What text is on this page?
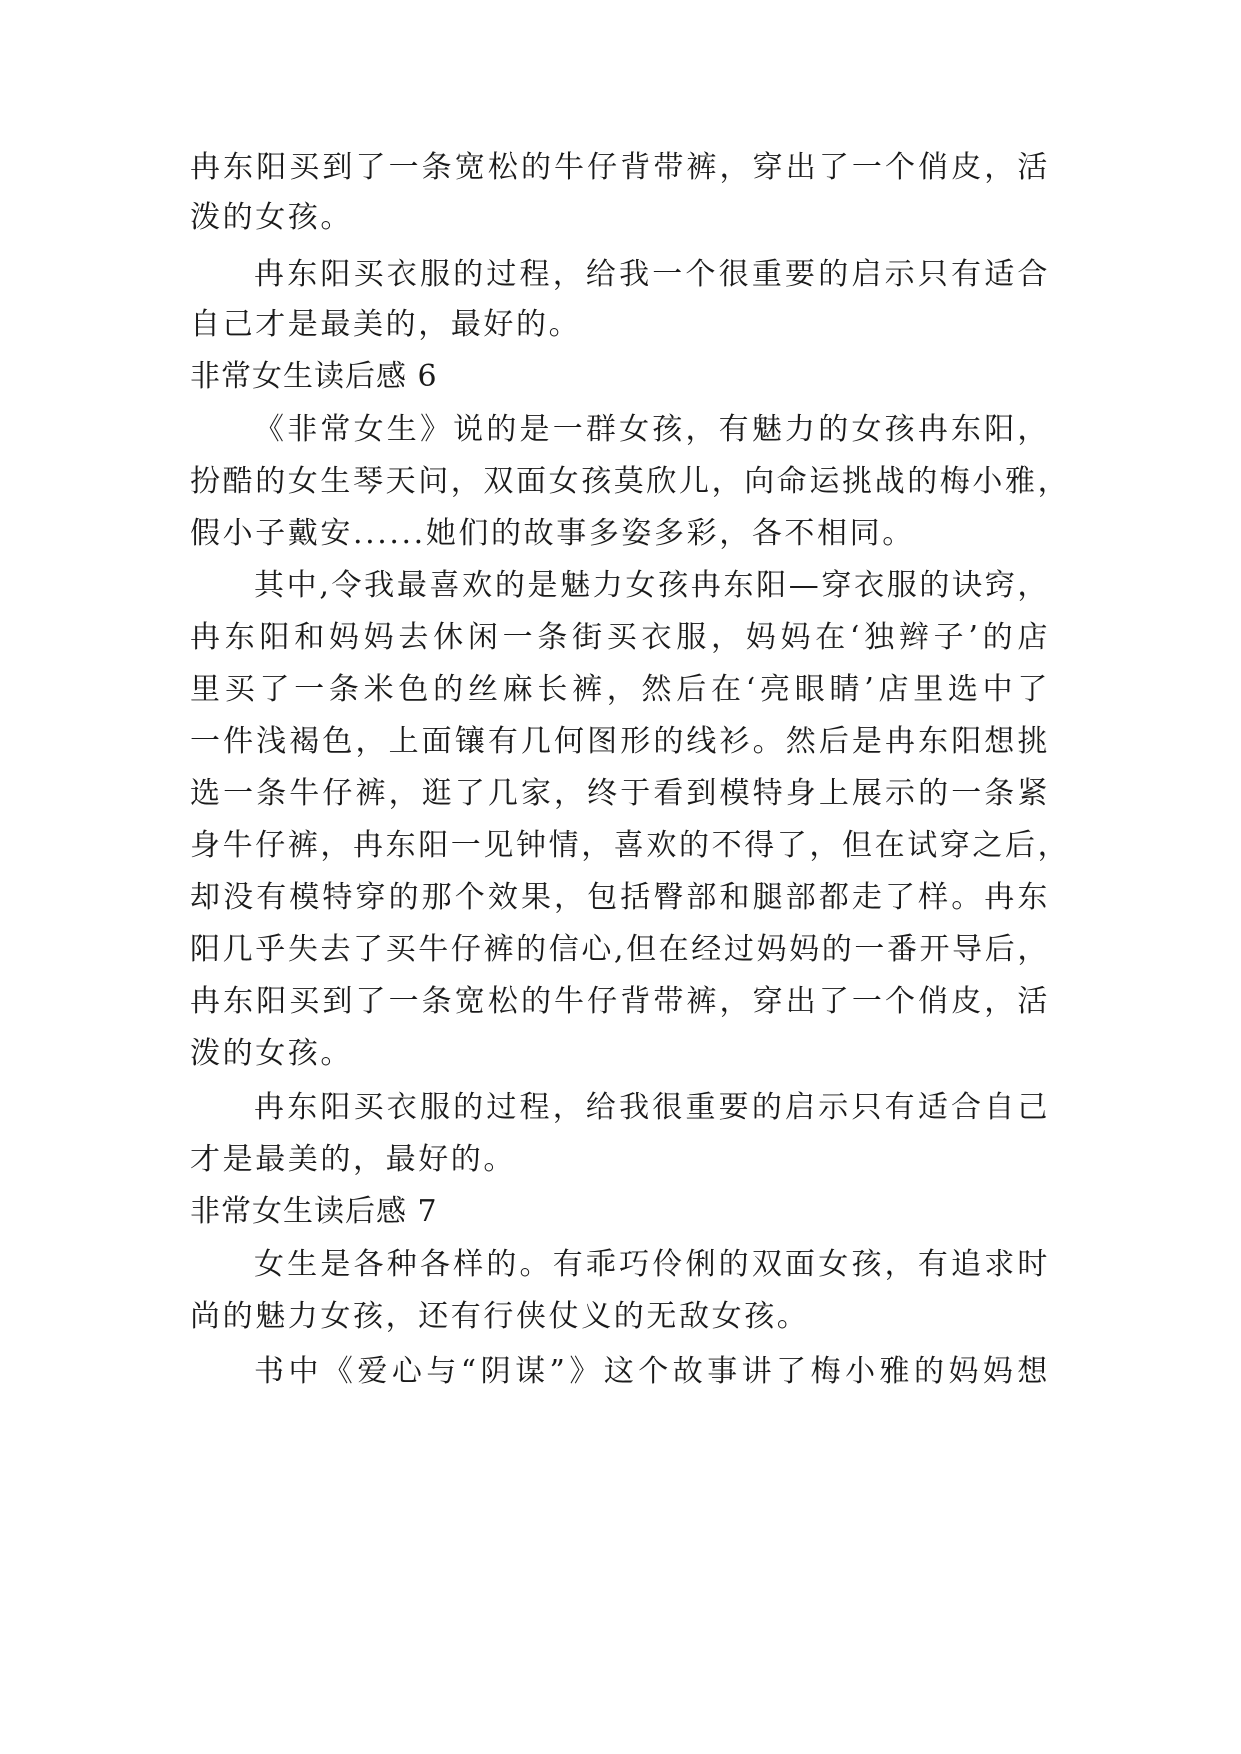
冉东阳买到了一条宽松的牛仔背带裤，穿出了一个俏皮，活
泼的女孩。
冉东阳买衣服的过程，给我一个很重要的启示只有适合
自己才是最美的，最好的。
非常女生读后感 6
《非常女生》说的是一群女孩，有魅力的女孩冉东阳，
扮酷的女生琴天问，双面女孩莫欣儿，向命运挑战的梅小雅，
假小子戴安......她们的故事多姿多彩，各不相同。
其中,令我最喜欢的是魅力女孩冉东阳—穿衣服的诀窍，
冉东阳和妈妈去休闲一条街买衣服，妈妈在‘独辫子’的店
里买了一条米色的丝麻长裤，然后在‘亮眼睛’店里选中了
一件浅褐色，上面镶有几何图形的线衫。然后是冉东阳想挑
选一条牛仔裤，逛了几家，终于看到模特身上展示的一条紧
身牛仔裤，冉东阳一见钟情，喜欢的不得了，但在试穿之后，
却没有模特穿的那个效果，包括臀部和腿部都走了样。冉东
阳几乎失去了买牛仔裤的信心,但在经过妈妈的一番开导后，
冉东阳买到了一条宽松的牛仔背带裤，穿出了一个俏皮，活
泼的女孩。
冉东阳买衣服的过程，给我很重要的启示只有适合自己
才是最美的，最好的。
非常女生读后感 7
女生是各种各样的。有乖巧伶俐的双面女孩，有追求时
尚的魅力女孩，还有行侠仗义的无敌女孩。
书中《爱心与“阴谋”》这个故事讲了梅小雅的妈妈想
